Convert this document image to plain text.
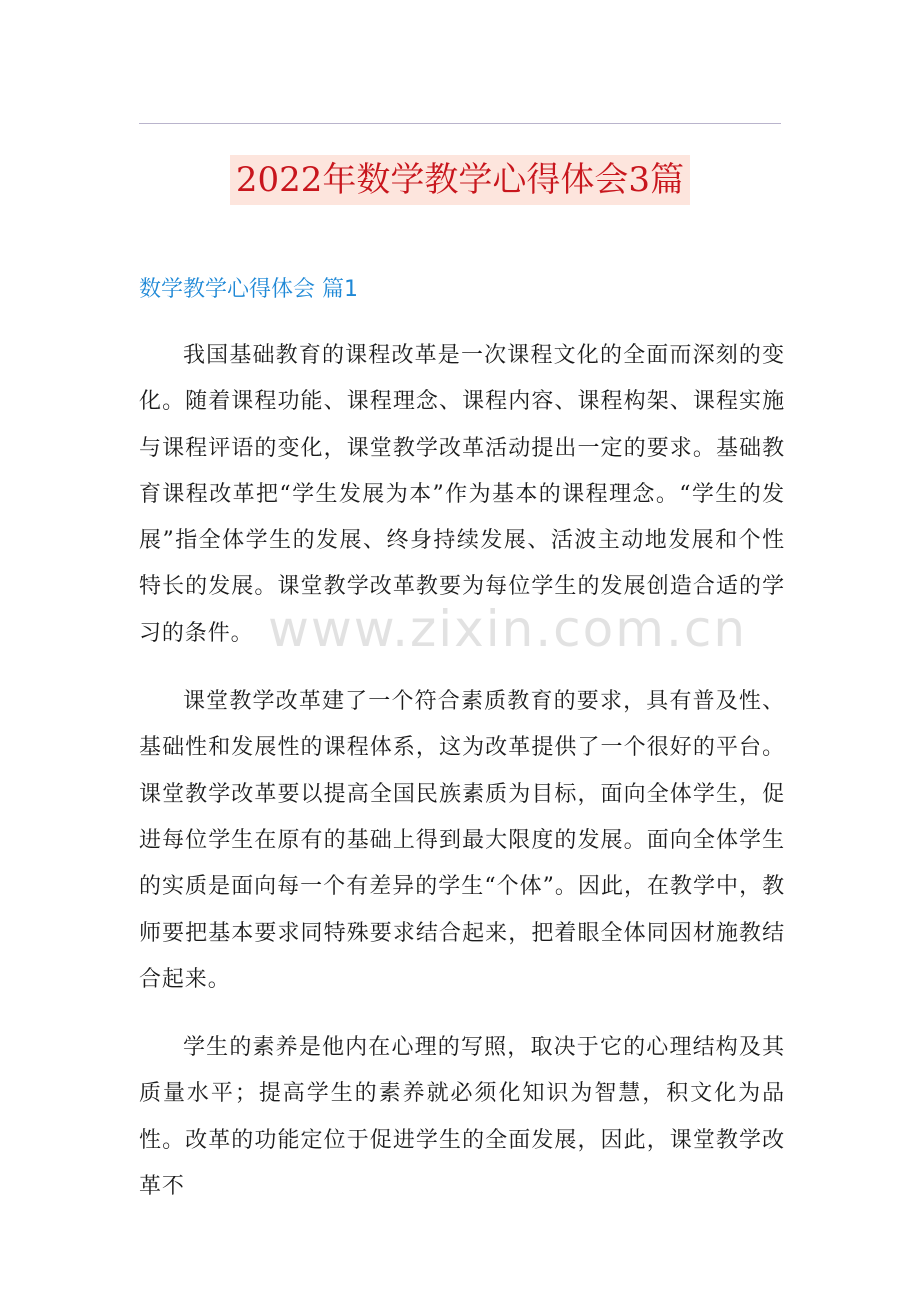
2022年数学教学心得体会3篇
数学教学心得体会 篇1

我国基础教育的课程改革是一次课程文化的全面而深刻的变化。随着课程功能、课程理念、课程内容、课程构架、课程实施与课程评语的变化，课堂教学改革活动提出一定的要求。基础教育课程改革把“学生发展为本”作为基本的课程理念。“学生的发展”指全体学生的发展、终身持续发展、活波主动地发展和个性特长的发展。课堂教学改革教要为每位学生的发展创造合适的学习的条件。

课堂教学改革建了一个符合素质教育的要求，具有普及性、基础性和发展性的课程体系，这为改革提供了一个很好的平台。课堂教学改革要以提高全国民族素质为目标，面向全体学生，促进每位学生在原有的基础上得到最大限度的发展。面向全体学生的实质是面向每一个有差异的学生“个体”。因此，在教学中，教师要把基本要求同特殊要求结合起来，把着眼全体同因材施教结合起来。

学生的素养是他内在心理的写照，取决于它的心理结构及其质量水平；提高学生的素养就必须化知识为智慧，积文化为品性。改革的功能定位于促进学生的全面发展，因此，课堂教学改革不

www.zixin.com.cn
